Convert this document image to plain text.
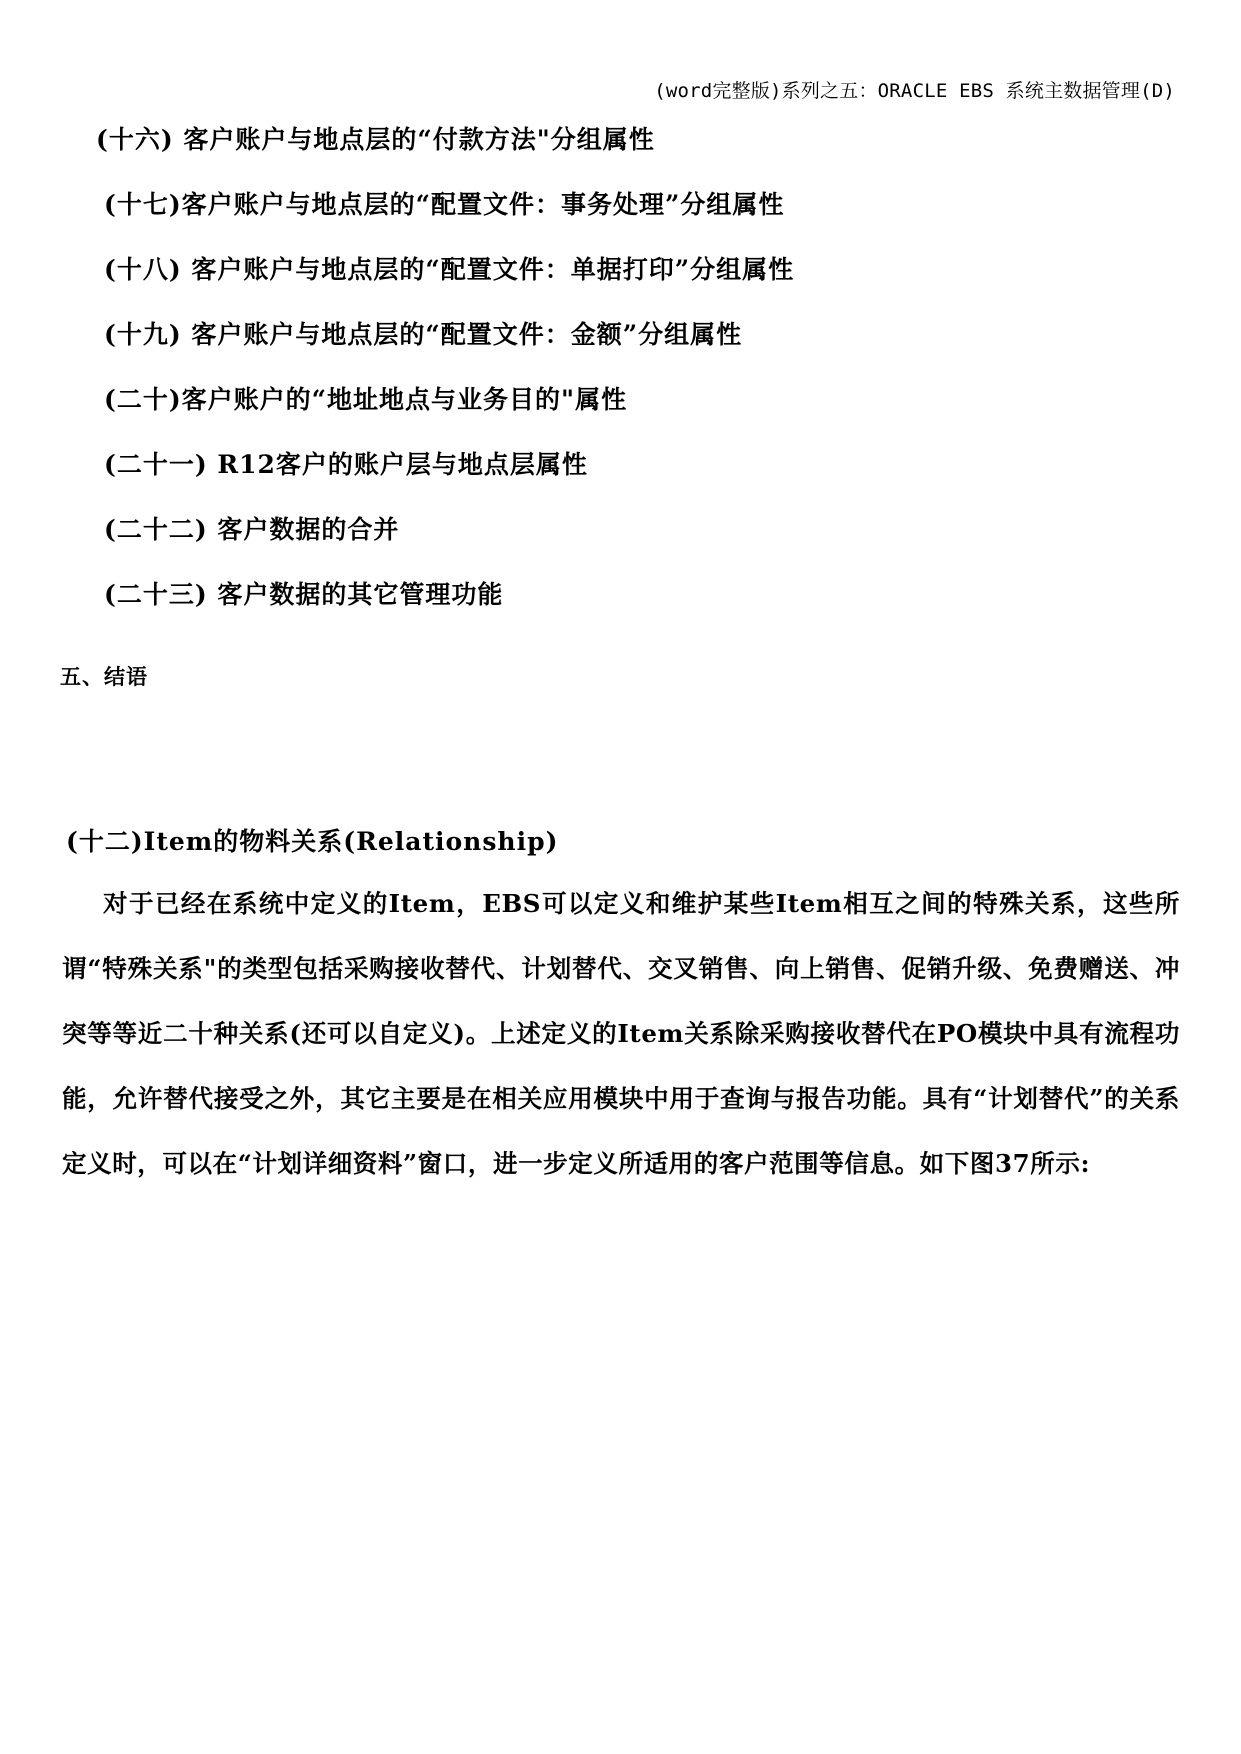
(word完整版)系列之五：ORACLE EBS 系统主数据管理(D)
(十六) 客户账户与地点层的“付款方法"分组属性
(十七)客户账户与地点层的“配置文件：事务处理”分组属性
(十八) 客户账户与地点层的“配置文件：单据打印”分组属性
(十九) 客户账户与地点层的“配置文件：金额”分组属性
(二十)客户账户的“地址地点与业务目的"属性
(二十一) R12客户的账户层与地点层属性
(二十二) 客户数据的合并
(二十三) 客户数据的其它管理功能
五、结语
(十二)Item的物料关系(Relationship)
对于已经在系统中定义的Item，EBS可以定义和维护某些Item相互之间的特殊关系，这些所谓“特殊关系"的类型包括采购接收替代、计划替代、交叉销售、向上销售、促销升级、免费赠送、冲突等等近二十种关系(还可以自定义)。上述定义的Item关系除采购接收替代在PO模块中具有流程功能，允许替代接受之外，其它主要是在相关应用模块中用于查询与报告功能。具有“计划替代”的关系定义时，可以在“计划详细资料”窗口，进一步定义所适用的客户范围等信息。如下图37所示:
